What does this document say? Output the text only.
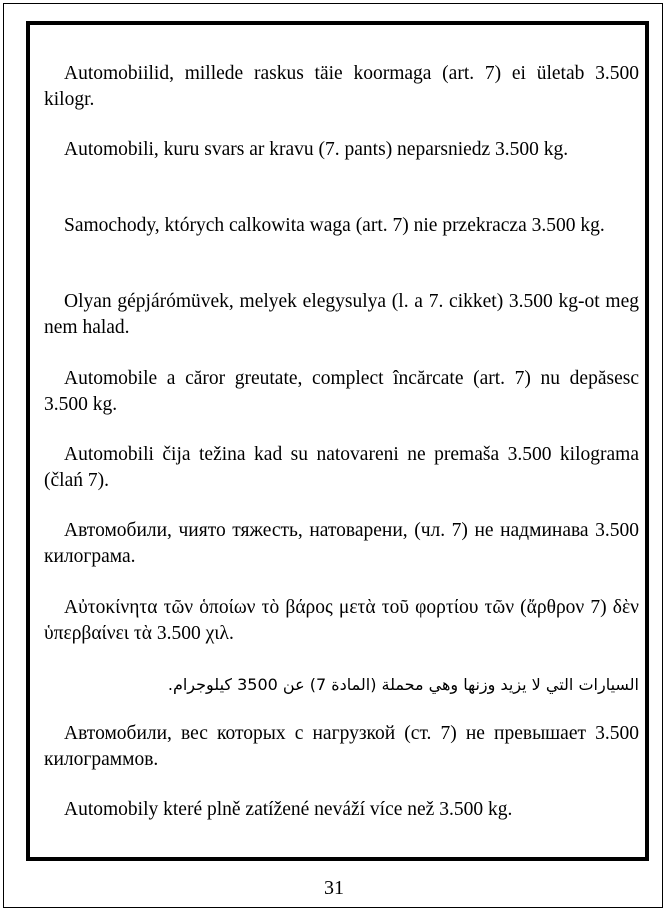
Automobiilid, millede raskus täie koormaga (art. 7) ei ületab 3.500 kilogr.

Automobili, kuru svars ar kravu (7. pants) neparsniedz 3.500 kg.

Samochody, których calkowita waga (art. 7) nie przekracza 3.500 kg.

Olyan gépjárómüvek, melyek elegysulya (l. a 7. cikket) 3.500 kg-ot meg nem halad.

Automobile a căror greutate, complect încărcate (art. 7) nu depăsesc 3.500 kg.

Automobili čija težina kad su natovareni ne premaša 3.500 kilograma (člań 7).

Автомобили, чиято тяжесть, натоварени, (чл. 7) не надминава 3.500 килограма.

Αὐτοκίνητα τῶν ὁποίων τὸ βάρος μετὰ τοῦ φορτίου τῶν (ἄρθρον 7) δὲν ὑπερβαίνει τὰ 3.500 χιλ.

السيارات التي لا يزيد وزنها وهي محملة (المادة 7) عن 3500 كيلوجرام.

Автомобили, вес которых с нагрузкой (ст. 7) не превышает 3.500 килограммов.

Automobily které plně zatížené neváží více než 3.500 kg.

31
